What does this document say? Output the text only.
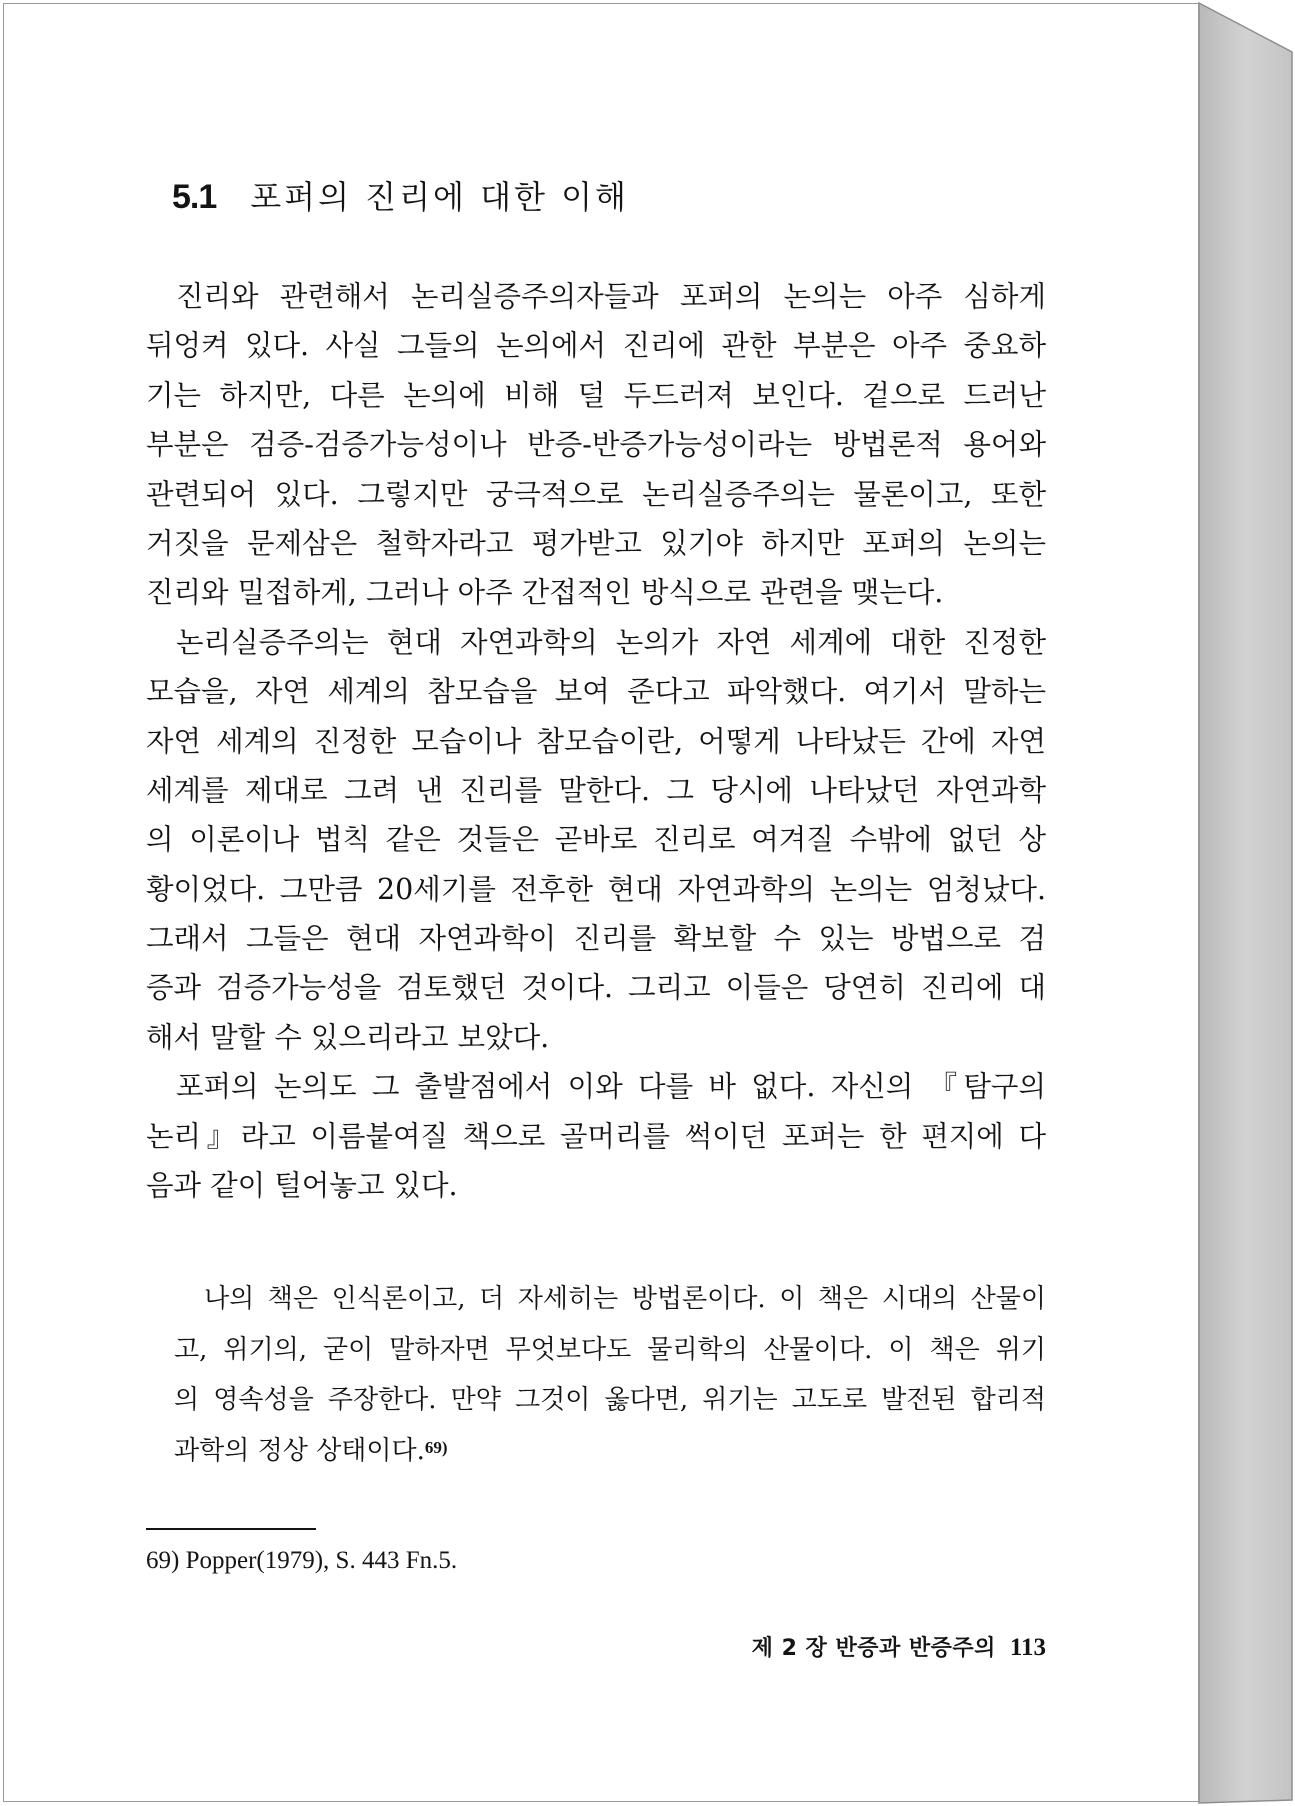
5.1 포퍼의 진리에 대한 이해
진리와 관련해서 논리실증주의자들과 포퍼의 논의는 아주 심하게
뒤엉켜 있다. 사실 그들의 논의에서 진리에 관한 부분은 아주 중요하
기는 하지만, 다른 논의에 비해 덜 두드러져 보인다. 겉으로 드러난
부분은 검증-검증가능성이나 반증-반증가능성이라는 방법론적 용어와
관련되어 있다. 그렇지만 궁극적으로 논리실증주의는 물론이고, 또한
거짓을 문제삼은 철학자라고 평가받고 있기야 하지만 포퍼의 논의는
진리와 밀접하게, 그러나 아주 간접적인 방식으로 관련을 맺는다.
논리실증주의는 현대 자연과학의 논의가 자연 세계에 대한 진정한
모습을, 자연 세계의 참모습을 보여 준다고 파악했다. 여기서 말하는
자연 세계의 진정한 모습이나 참모습이란, 어떻게 나타났든 간에 자연
세계를 제대로 그려 낸 진리를 말한다. 그 당시에 나타났던 자연과학
의 이론이나 법칙 같은 것들은 곧바로 진리로 여겨질 수밖에 없던 상
황이었다. 그만큼 20세기를 전후한 현대 자연과학의 논의는 엄청났다.
그래서 그들은 현대 자연과학이 진리를 확보할 수 있는 방법으로 검
증과 검증가능성을 검토했던 것이다. 그리고 이들은 당연히 진리에 대
해서 말할 수 있으리라고 보았다.
포퍼의 논의도 그 출발점에서 이와 다를 바 없다. 자신의 『탐구의
논리』라고 이름붙여질 책으로 골머리를 썩이던 포퍼는 한 편지에 다
음과 같이 털어놓고 있다.
나의 책은 인식론이고, 더 자세히는 방법론이다. 이 책은 시대의 산물이
고, 위기의, 굳이 말하자면 무엇보다도 물리학의 산물이다. 이 책은 위기
의 영속성을 주장한다. 만약 그것이 옳다면, 위기는 고도로 발전된 합리적
과학의 정상 상태이다.$^{69)}$
69) Popper(1979), S. 443 Fn.5.
제 2 장 반증과 반증주의 113
